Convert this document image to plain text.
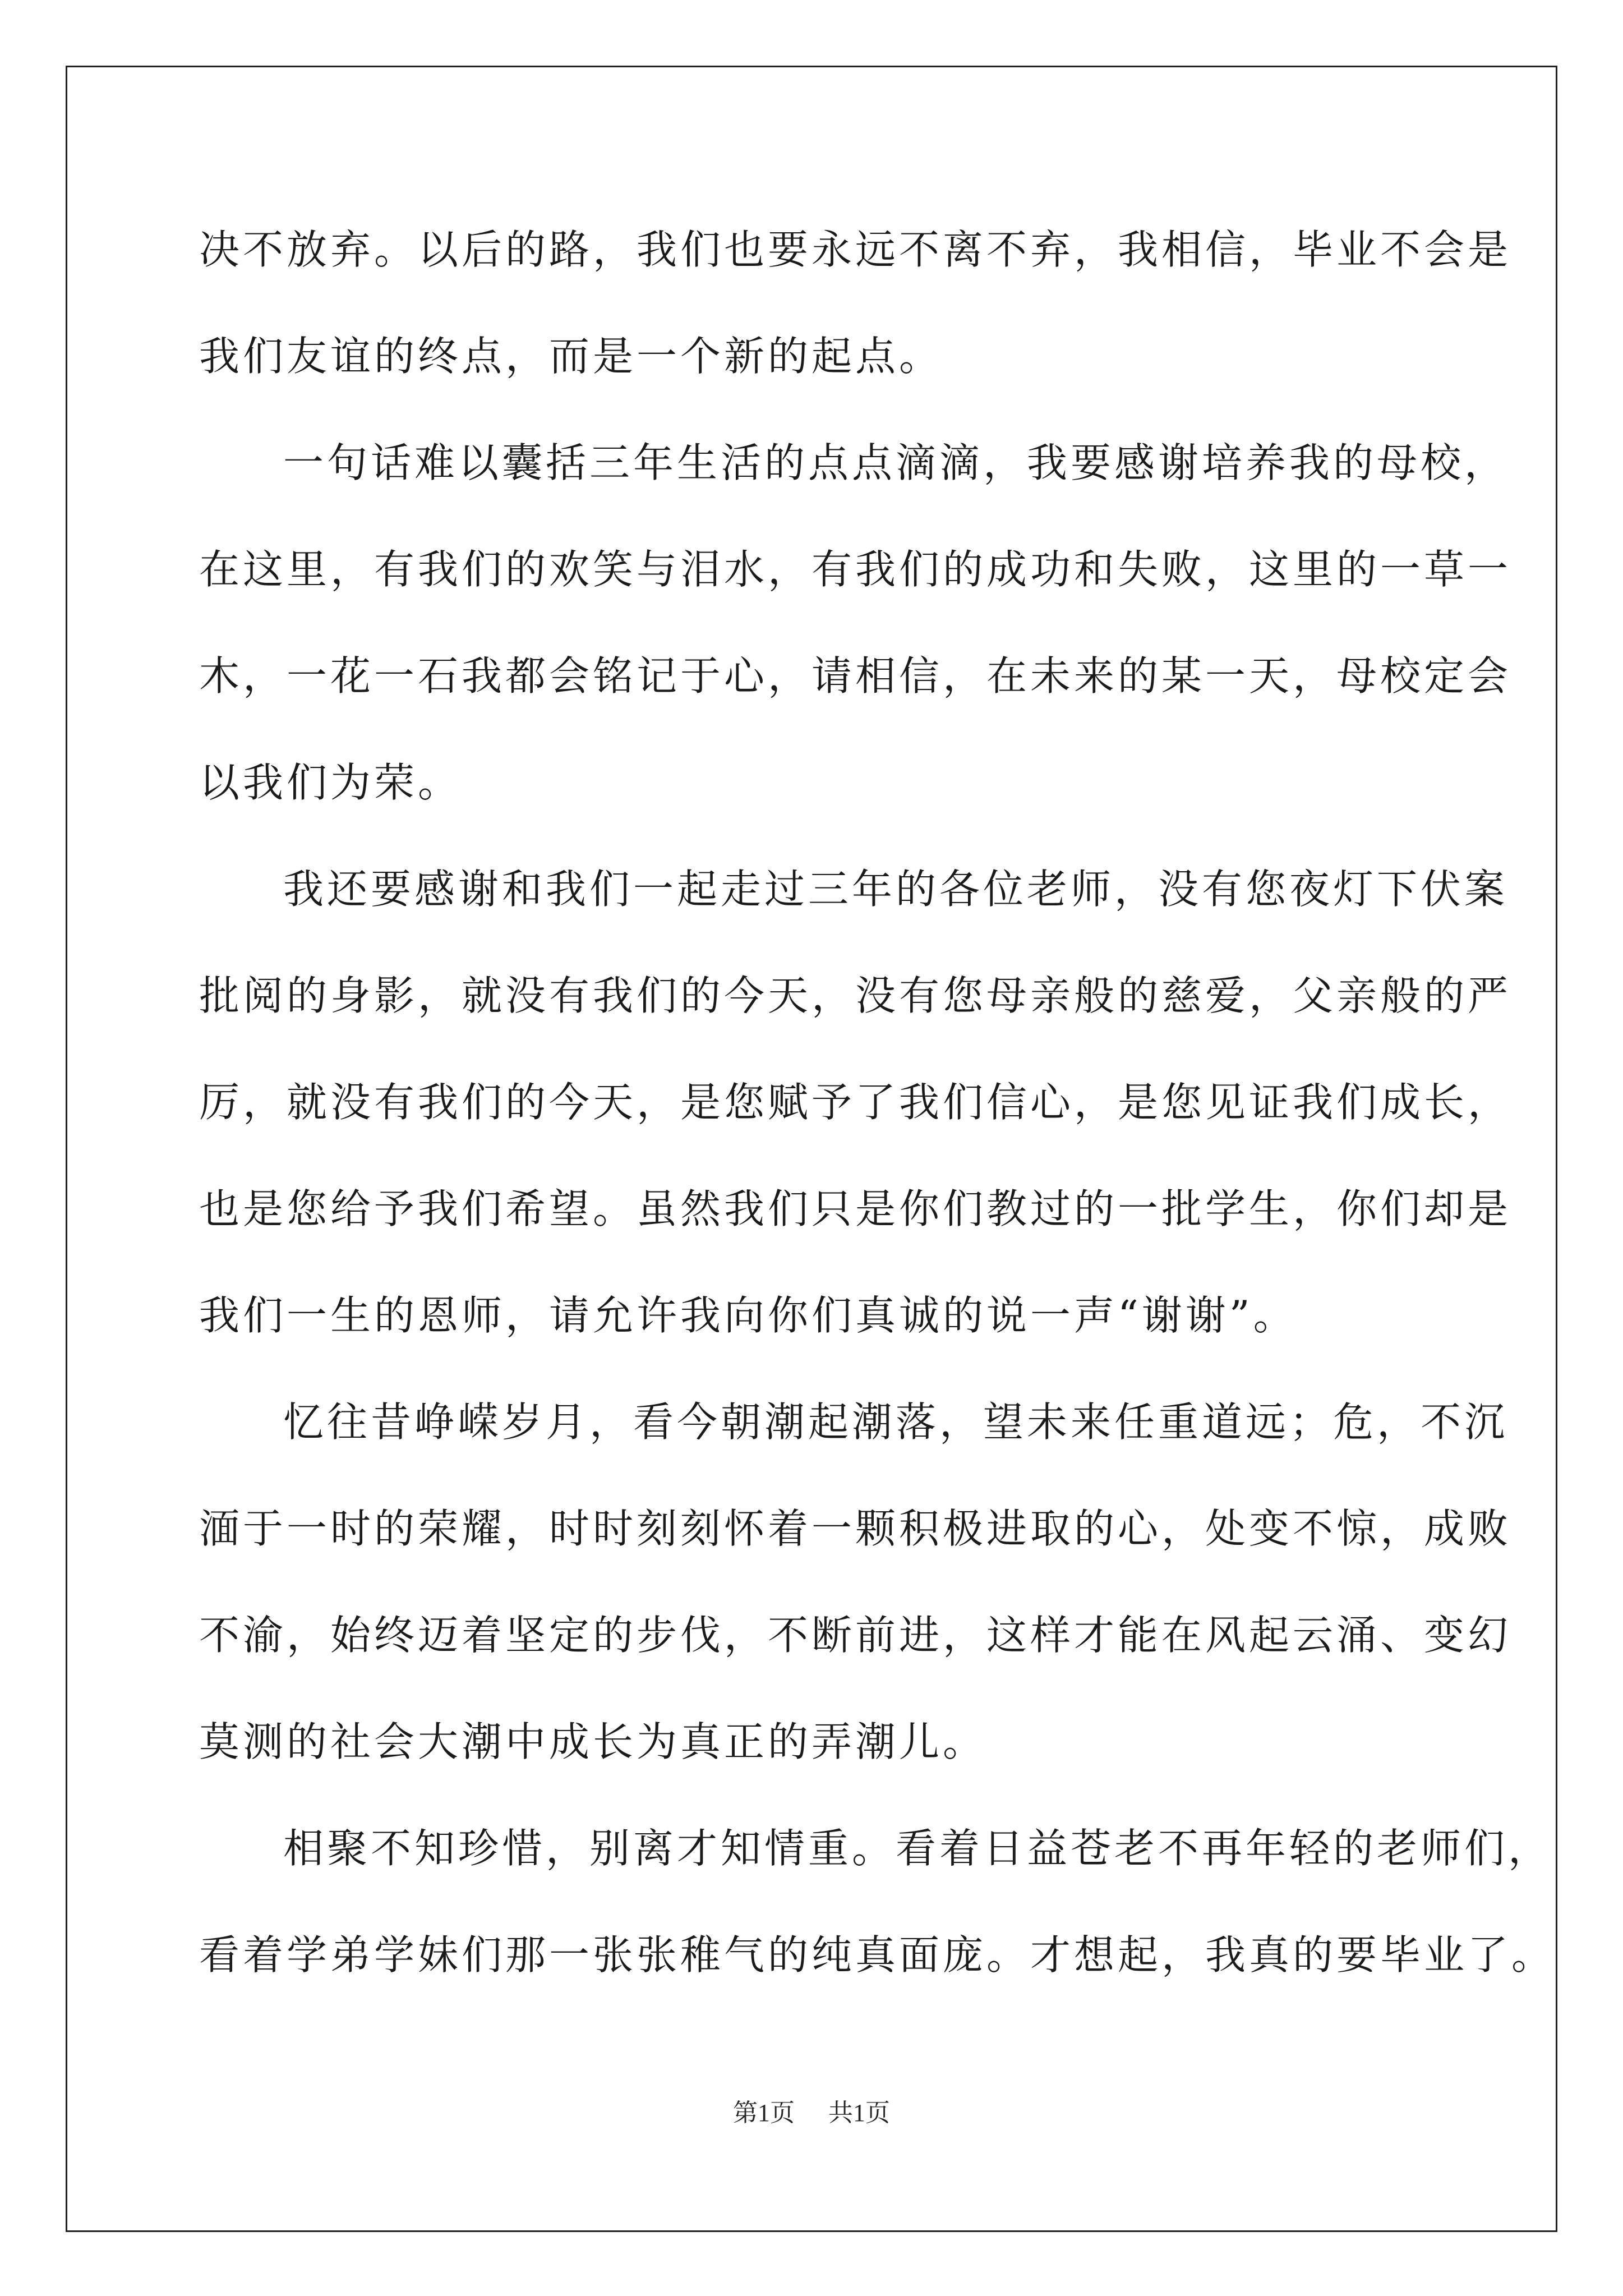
决不放弃。以后的路，我们也要永远不离不弃，我相信，毕业不会是
我们友谊的终点，而是一个新的起点。
一句话难以囊括三年生活的点点滴滴，我要感谢培养我的母校，
在这里，有我们的欢笑与泪水，有我们的成功和失败，这里的一草一
木，一花一石我都会铭记于心，请相信，在未来的某一天，母校定会
以我们为荣。
我还要感谢和我们一起走过三年的各位老师，没有您夜灯下伏案
批阅的身影，就没有我们的今天，没有您母亲般的慈爱，父亲般的严
厉，就没有我们的今天，是您赋予了我们信心，是您见证我们成长，
也是您给予我们希望。虽然我们只是你们教过的一批学生，你们却是
我们一生的恩师，请允许我向你们真诚的说一声“谢谢”。
忆往昔峥嵘岁月，看今朝潮起潮落，望未来任重道远；危，不沉
湎于一时的荣耀，时时刻刻怀着一颗积极进取的心，处变不惊，成败
不渝，始终迈着坚定的步伐，不断前进，这样才能在风起云涌、变幻
莫测的社会大潮中成长为真正的弄潮儿。
相聚不知珍惜，别离才知情重。看着日益苍老不再年轻的老师们，
看着学弟学妹们那一张张稚气的纯真面庞。才想起，我真的要毕业了。
第1页 共1页
